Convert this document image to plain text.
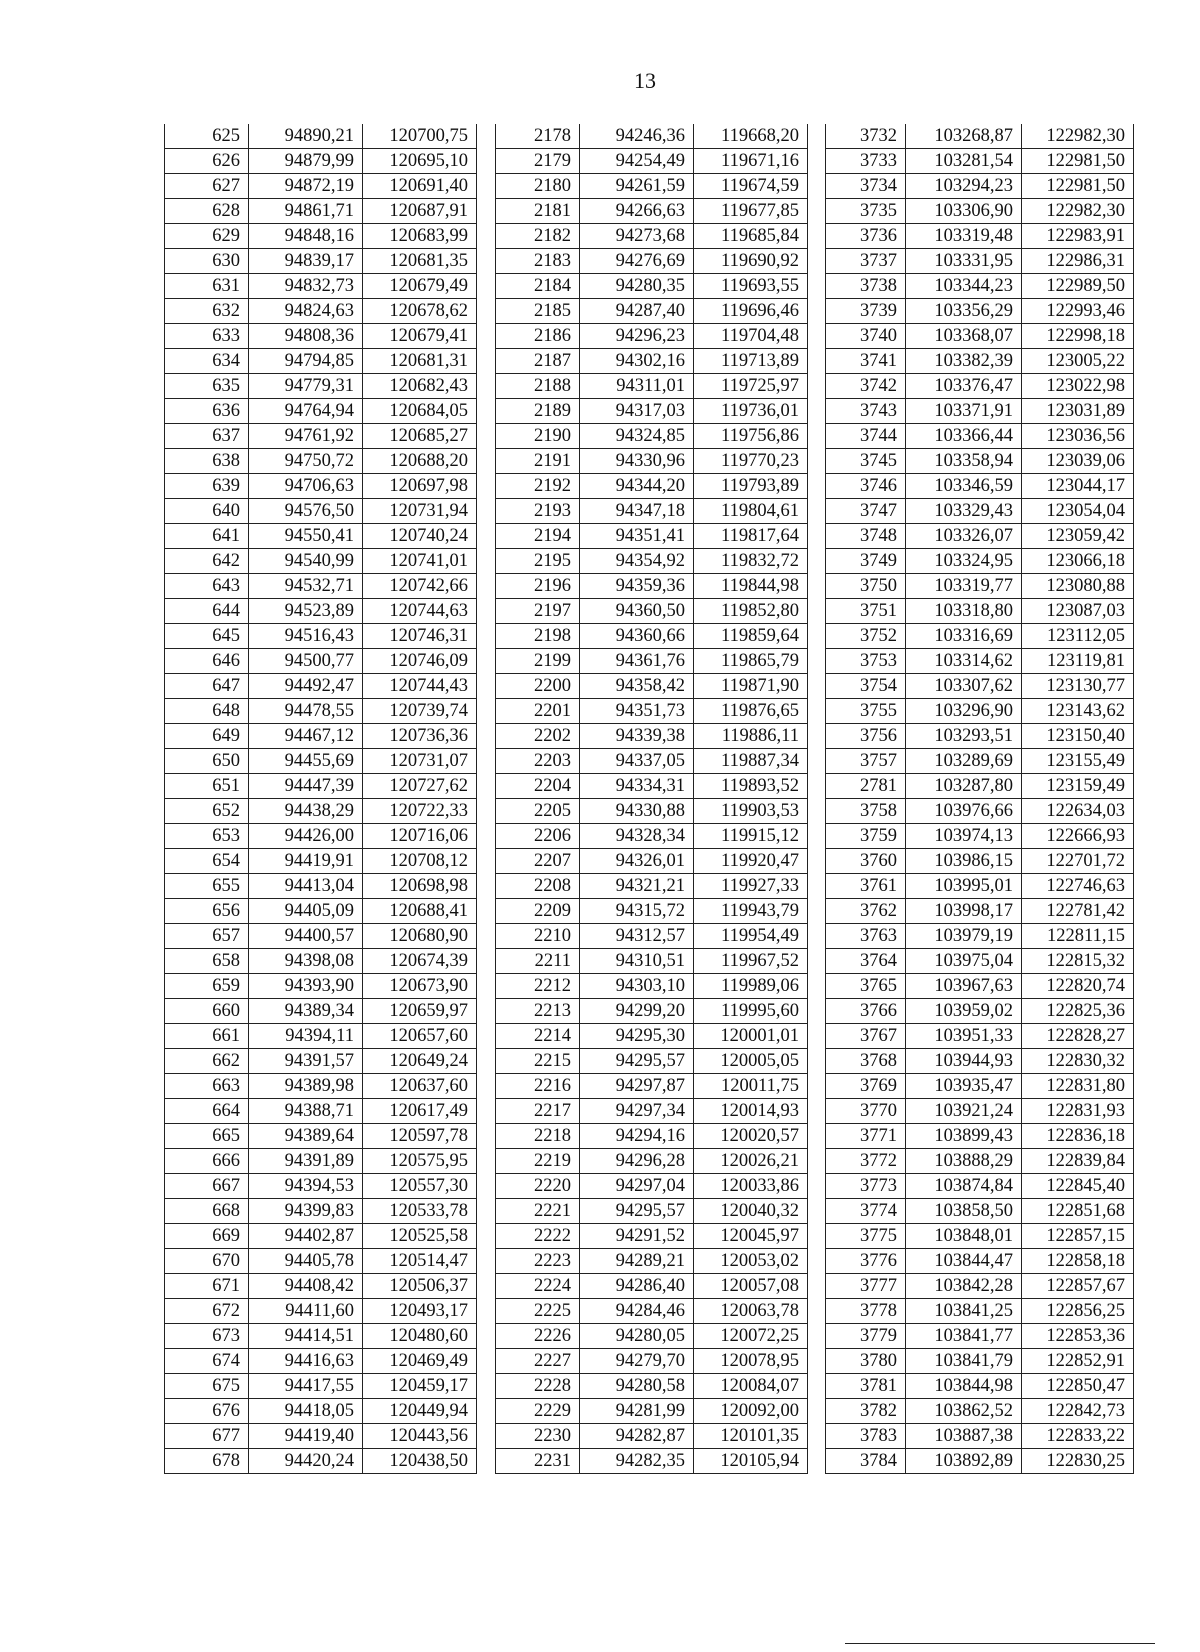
13
625	94890,21	120700,75
626	94879,99	120695,10
627	94872,19	120691,40
628	94861,71	120687,91
629	94848,16	120683,99
630	94839,17	120681,35
631	94832,73	120679,49
632	94824,63	120678,62
633	94808,36	120679,41
634	94794,85	120681,31
635	94779,31	120682,43
636	94764,94	120684,05
637	94761,92	120685,27
638	94750,72	120688,20
639	94706,63	120697,98
640	94576,50	120731,94
641	94550,41	120740,24
642	94540,99	120741,01
643	94532,71	120742,66
644	94523,89	120744,63
645	94516,43	120746,31
646	94500,77	120746,09
647	94492,47	120744,43
648	94478,55	120739,74
649	94467,12	120736,36
650	94455,69	120731,07
651	94447,39	120727,62
652	94438,29	120722,33
653	94426,00	120716,06
654	94419,91	120708,12
655	94413,04	120698,98
656	94405,09	120688,41
657	94400,57	120680,90
658	94398,08	120674,39
659	94393,90	120673,90
660	94389,34	120659,97
661	94394,11	120657,60
662	94391,57	120649,24
663	94389,98	120637,60
664	94388,71	120617,49
665	94389,64	120597,78
666	94391,89	120575,95
667	94394,53	120557,30
668	94399,83	120533,78
669	94402,87	120525,58
670	94405,78	120514,47
671	94408,42	120506,37
672	94411,60	120493,17
673	94414,51	120480,60
674	94416,63	120469,49
675	94417,55	120459,17
676	94418,05	120449,94
677	94419,40	120443,56
678	94420,24	120438,50
2178	94246,36	119668,20
2179	94254,49	119671,16
2180	94261,59	119674,59
2181	94266,63	119677,85
2182	94273,68	119685,84
2183	94276,69	119690,92
2184	94280,35	119693,55
2185	94287,40	119696,46
2186	94296,23	119704,48
2187	94302,16	119713,89
2188	94311,01	119725,97
2189	94317,03	119736,01
2190	94324,85	119756,86
2191	94330,96	119770,23
2192	94344,20	119793,89
2193	94347,18	119804,61
2194	94351,41	119817,64
2195	94354,92	119832,72
2196	94359,36	119844,98
2197	94360,50	119852,80
2198	94360,66	119859,64
2199	94361,76	119865,79
2200	94358,42	119871,90
2201	94351,73	119876,65
2202	94339,38	119886,11
2203	94337,05	119887,34
2204	94334,31	119893,52
2205	94330,88	119903,53
2206	94328,34	119915,12
2207	94326,01	119920,47
2208	94321,21	119927,33
2209	94315,72	119943,79
2210	94312,57	119954,49
2211	94310,51	119967,52
2212	94303,10	119989,06
2213	94299,20	119995,60
2214	94295,30	120001,01
2215	94295,57	120005,05
2216	94297,87	120011,75
2217	94297,34	120014,93
2218	94294,16	120020,57
2219	94296,28	120026,21
2220	94297,04	120033,86
2221	94295,57	120040,32
2222	94291,52	120045,97
2223	94289,21	120053,02
2224	94286,40	120057,08
2225	94284,46	120063,78
2226	94280,05	120072,25
2227	94279,70	120078,95
2228	94280,58	120084,07
2229	94281,99	120092,00
2230	94282,87	120101,35
2231	94282,35	120105,94
3732	103268,87	122982,30
3733	103281,54	122981,50
3734	103294,23	122981,50
3735	103306,90	122982,30
3736	103319,48	122983,91
3737	103331,95	122986,31
3738	103344,23	122989,50
3739	103356,29	122993,46
3740	103368,07	122998,18
3741	103382,39	123005,22
3742	103376,47	123022,98
3743	103371,91	123031,89
3744	103366,44	123036,56
3745	103358,94	123039,06
3746	103346,59	123044,17
3747	103329,43	123054,04
3748	103326,07	123059,42
3749	103324,95	123066,18
3750	103319,77	123080,88
3751	103318,80	123087,03
3752	103316,69	123112,05
3753	103314,62	123119,81
3754	103307,62	123130,77
3755	103296,90	123143,62
3756	103293,51	123150,40
3757	103289,69	123155,49
2781	103287,80	123159,49
3758	103976,66	122634,03
3759	103974,13	122666,93
3760	103986,15	122701,72
3761	103995,01	122746,63
3762	103998,17	122781,42
3763	103979,19	122811,15
3764	103975,04	122815,32
3765	103967,63	122820,74
3766	103959,02	122825,36
3767	103951,33	122828,27
3768	103944,93	122830,32
3769	103935,47	122831,80
3770	103921,24	122831,93
3771	103899,43	122836,18
3772	103888,29	122839,84
3773	103874,84	122845,40
3774	103858,50	122851,68
3775	103848,01	122857,15
3776	103844,47	122858,18
3777	103842,28	122857,67
3778	103841,25	122856,25
3779	103841,77	122853,36
3780	103841,79	122852,91
3781	103844,98	122850,47
3782	103862,52	122842,73
3783	103887,38	122833,22
3784	103892,89	122830,25
